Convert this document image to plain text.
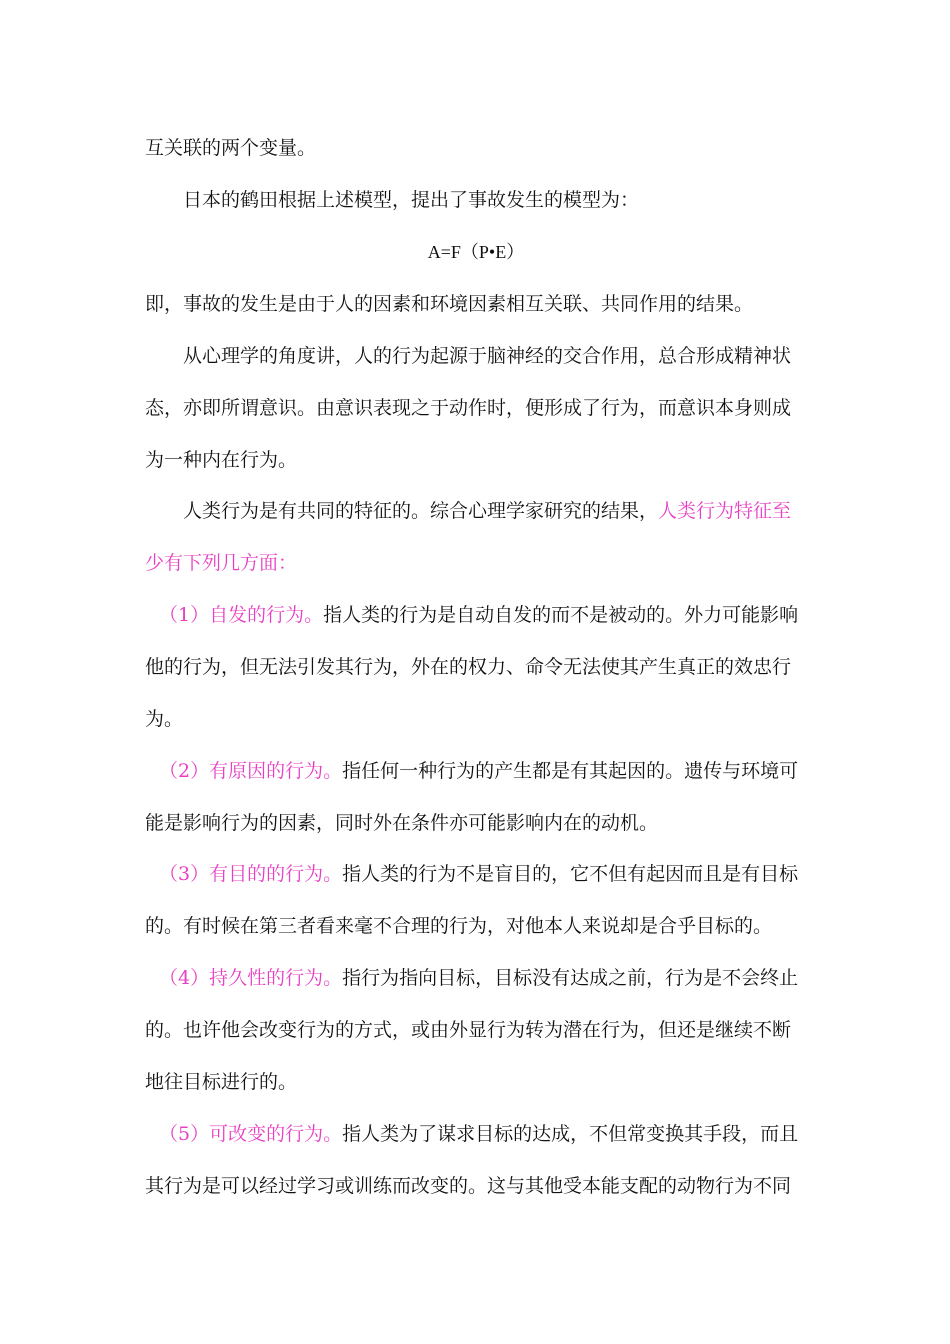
互关联的两个变量。
日本的鹤田根据上述模型，提出了事故发生的模型为：
A=F（P•E）
即，事故的发生是由于人的因素和环境因素相互关联、共同作用的结果。
从心理学的角度讲，人的行为起源于脑神经的交合作用，总合形成精神状
态，亦即所谓意识。由意识表现之于动作时，便形成了行为，而意识本身则成
为一种内在行为。
人类行为是有共同的特征的。综合心理学家研究的结果，人类行为特征至
少有下列几方面：
（1）自发的行为。指人类的行为是自动自发的而不是被动的。外力可能影响
他的行为，但无法引发其行为，外在的权力、命令无法使其产生真正的效忠行
为。
（2）有原因的行为。指任何一种行为的产生都是有其起因的。遗传与环境可
能是影响行为的因素，同时外在条件亦可能影响内在的动机。
（3）有目的的行为。指人类的行为不是盲目的，它不但有起因而且是有目标
的。有时候在第三者看来毫不合理的行为，对他本人来说却是合乎目标的。
（4）持久性的行为。指行为指向目标，目标没有达成之前，行为是不会终止
的。也许他会改变行为的方式，或由外显行为转为潜在行为，但还是继续不断
地往目标进行的。
（5）可改变的行为。指人类为了谋求目标的达成，不但常变换其手段，而且
其行为是可以经过学习或训练而改变的。这与其他受本能支配的动物行为不同
